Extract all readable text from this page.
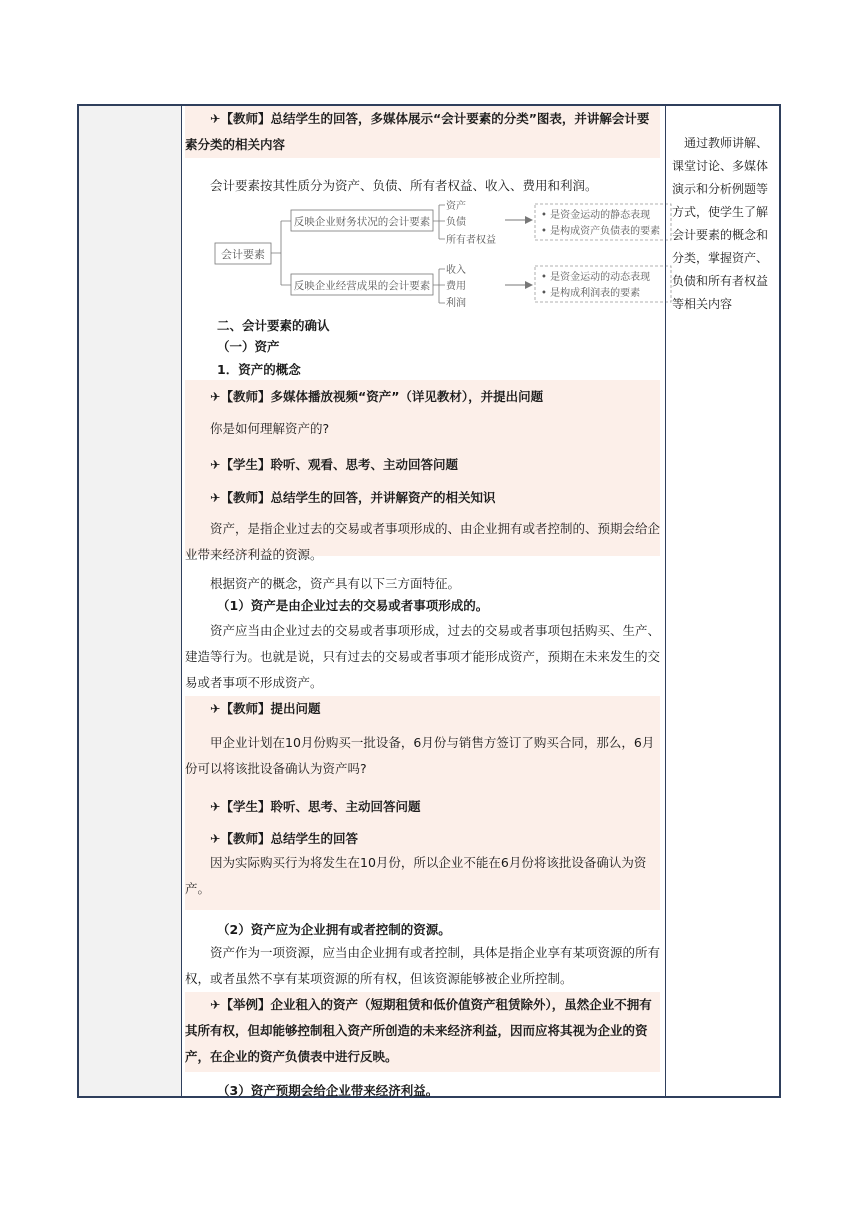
✈【教师】总结学生的回答，多媒体展示“会计要素的分类”图表，并讲解会计要素分类的相关内容
会计要素按其性质分为资产、负债、所有者权益、收入、费用和利润。
会计要素
反映企业财务状况的会计要素
反映企业经营成果的会计要素
资产
负债
所有者权益
收入
费用
利润
• 是资金运动的静态表现
• 是构成资产负债表的要素
• 是资金运动的动态表现
• 是构成利润表的要素
二、会计要素的确认
（一）资产
1．资产的概念
✈【教师】多媒体播放视频“资产”（详见教材），并提出问题
你是如何理解资产的?
✈【学生】聆听、观看、思考、主动回答问题
✈【教师】总结学生的回答，并讲解资产的相关知识
资产，是指企业过去的交易或者事项形成的、由企业拥有或者控制的、预期会给企业带来经济利益的资源。
根据资产的概念，资产具有以下三方面特征。
（1）资产是由企业过去的交易或者事项形成的。
资产应当由企业过去的交易或者事项形成，过去的交易或者事项包括购买、生产、建造等行为。也就是说，只有过去的交易或者事项才能形成资产，预期在未来发生的交易或者事项不形成资产。
✈【教师】提出问题
甲企业计划在10月份购买一批设备，6月份与销售方签订了购买合同，那么，6月份可以将该批设备确认为资产吗?
✈【学生】聆听、思考、主动回答问题
✈【教师】总结学生的回答
因为实际购买行为将发生在10月份，所以企业不能在6月份将该批设备确认为资产。
（2）资产应为企业拥有或者控制的资源。
资产作为一项资源，应当由企业拥有或者控制，具体是指企业享有某项资源的所有权，或者虽然不享有某项资源的所有权，但该资源能够被企业所控制。
✈【举例】企业租入的资产（短期租赁和低价值资产租赁除外），虽然企业不拥有其所有权，但却能够控制租入资产所创造的未来经济利益，因而应将其视为企业的资产，在企业的资产负债表中进行反映。
（3）资产预期会给企业带来经济利益。
通过教师讲解、课堂讨论、多媒体演示和分析例题等方式，使学生了解会计要素的概念和分类，掌握资产、负债和所有者权益等相关内容
